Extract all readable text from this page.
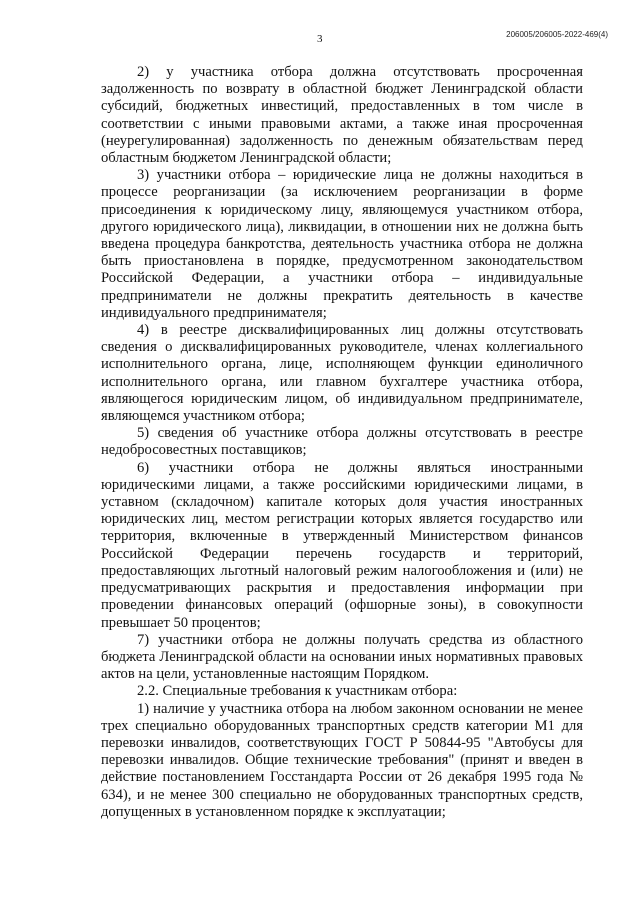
3	206005/206005-2022-469(4)

2) у участника отбора должна отсутствовать просроченная задолженность по возврату в областной бюджет Ленинградской области субсидий, бюджетных инвестиций, предоставленных в том числе в соответствии с иными правовыми актами, а также иная просроченная (неурегулированная) задолженность по денежным обязательствам перед областным бюджетом Ленинградской области;

3) участники отбора – юридические лица не должны находиться в процессе реорганизации (за исключением реорганизации в форме присоединения к юридическому лицу, являющемуся участником отбора, другого юридического лица), ликвидации, в отношении них не должна быть введена процедура банкротства, деятельность участника отбора не должна быть приостановлена в порядке, предусмотренном законодательством Российской Федерации, а участники отбора – индивидуальные предприниматели не должны прекратить деятельность в качестве индивидуального предпринимателя;

4) в реестре дисквалифицированных лиц должны отсутствовать сведения о дисквалифицированных руководителе, членах коллегиального исполнительного органа, лице, исполняющем функции единоличного исполнительного органа, или главном бухгалтере участника отбора, являющегося юридическим лицом, об индивидуальном предпринимателе, являющемся участником отбора;

5) сведения об участнике отбора должны отсутствовать в реестре недобросовестных поставщиков;

6) участники отбора не должны являться иностранными юридическими лицами, а также российскими юридическими лицами, в уставном (складочном) капитале которых доля участия иностранных юридических лиц, местом регистрации которых является государство или территория, включенные в утвержденный Министерством финансов Российской Федерации перечень государств и территорий, предоставляющих льготный налоговый режим налогообложения и (или) не предусматривающих раскрытия и предоставления информации при проведении финансовых операций (офшорные зоны), в совокупности превышает 50 процентов;

7) участники отбора не должны получать средства из областного бюджета Ленинградской области на основании иных нормативных правовых актов на цели, установленные настоящим Порядком.

2.2. Специальные требования к участникам отбора:

1) наличие у участника отбора на любом законном основании не менее трех специально оборудованных транспортных средств категории М1 для перевозки инвалидов, соответствующих ГОСТ Р 50844-95 "Автобусы для перевозки инвалидов. Общие технические требования" (принят и введен в действие постановлением Госстандарта России от 26 декабря 1995 года № 634), и не менее 300 специально не оборудованных транспортных средств, допущенных в установленном порядке к эксплуатации;
